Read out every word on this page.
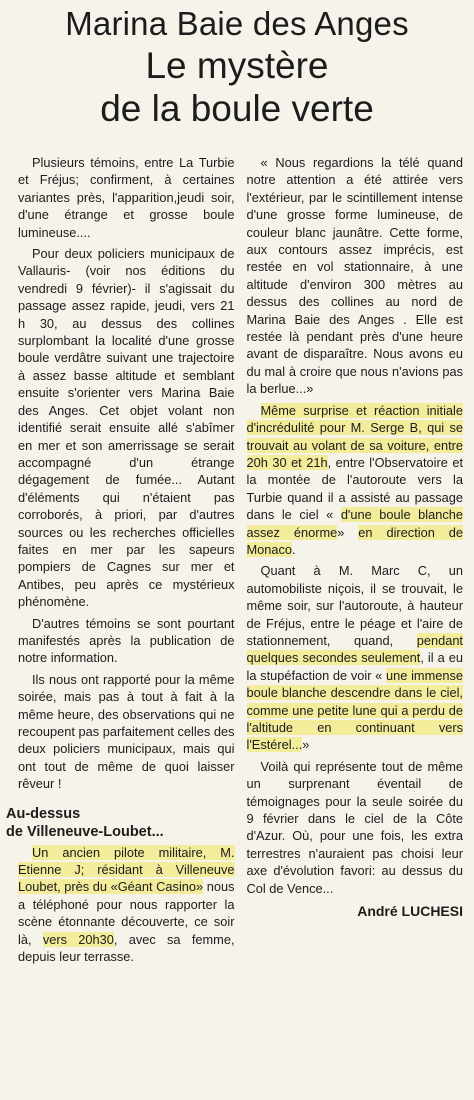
Marina Baie des Anges

Le mystère
de la boule verte

Plusieurs témoins, entre La Turbie et Fréjus; confirment, à certaines variantes près, l'apparition,jeudi soir, d'une étrange et grosse boule lumineuse....

Pour deux policiers municipaux de Vallauris- (voir nos éditions du vendredi 9 février)- il s'agissait du passage assez rapide, jeudi, vers 21 h 30, au dessus des collines surplombant la localité d'une grosse boule verdâtre suivant une trajectoire à assez basse altitude et semblant ensuite s'orienter vers Marina Baie des Anges. Cet objet volant non identifié serait ensuite allé s'abîmer en mer et son amerrissage se serait accompagné d'un étrange dégagement de fumée... Autant d'éléments qui n'étaient pas corroborés, à priori, par d'autres sources ou les recherches officielles faites en mer par les sapeurs pompiers de Cagnes sur mer et Antibes, peu après ce mystérieux phénomène.

D'autres témoins se sont pourtant manifestés après la publication de notre information.

Ils nous ont rapporté pour la même soirée, mais pas à tout à fait à la même heure, des observations qui ne recoupent pas parfaitement celles des deux policiers municipaux, mais qui ont tout de même de quoi laisser rêveur !

Au-dessus
de Villeneuve-Loubet...

Un ancien pilote militaire, M. Etienne J; résidant à Villeneuve Loubet, près du «Géant Casino» nous a téléphoné pour nous rapporter la scène étonnante découverte, ce soir là, vers 20h30, avec sa femme, depuis leur terrasse.

« Nous regardions la télé quand notre attention a été attirée vers l'extérieur, par le scintillement intense d'une grosse forme lumineuse, de couleur blanc jaunâtre. Cette forme, aux contours assez imprécis, est restée en vol stationnaire, à une altitude d'environ 300 mètres au dessus des collines au nord de Marina Baie des Anges . Elle est restée là pendant près d'une heure avant de disparaître. Nous avons eu du mal à croire que nous n'avions pas la berlue...»

Même surprise et réaction initiale d'incrédulité pour M. Serge B, qui se trouvait au volant de sa voiture, entre 20h 30 et 21h, entre l'Observatoire et la montée de l'autoroute vers la Turbie quand il a assisté au passage dans le ciel « d'une boule blanche assez énorme» en direction de Monaco.

Quant à M. Marc C, un automobiliste niçois, il se trouvait, le même soir, sur l'autoroute, à hauteur de Fréjus, entre le péage et l'aire de stationnement, quand, pendant quelques secondes seulement, il a eu la stupéfaction de voir « une immense boule blanche descendre dans le ciel, comme une petite lune qui a perdu de l'altitude en continuant vers l'Estérel...»

Voilà qui représente tout de même un surprenant éventail de témoignages pour la seule soirée du 9 février dans le ciel de la Côte d'Azur. Où, pour une fois, les extra terrestres n'auraient pas choisi leur axe d'évolution favori: au dessus du Col de Vence...

André LUCHESI
